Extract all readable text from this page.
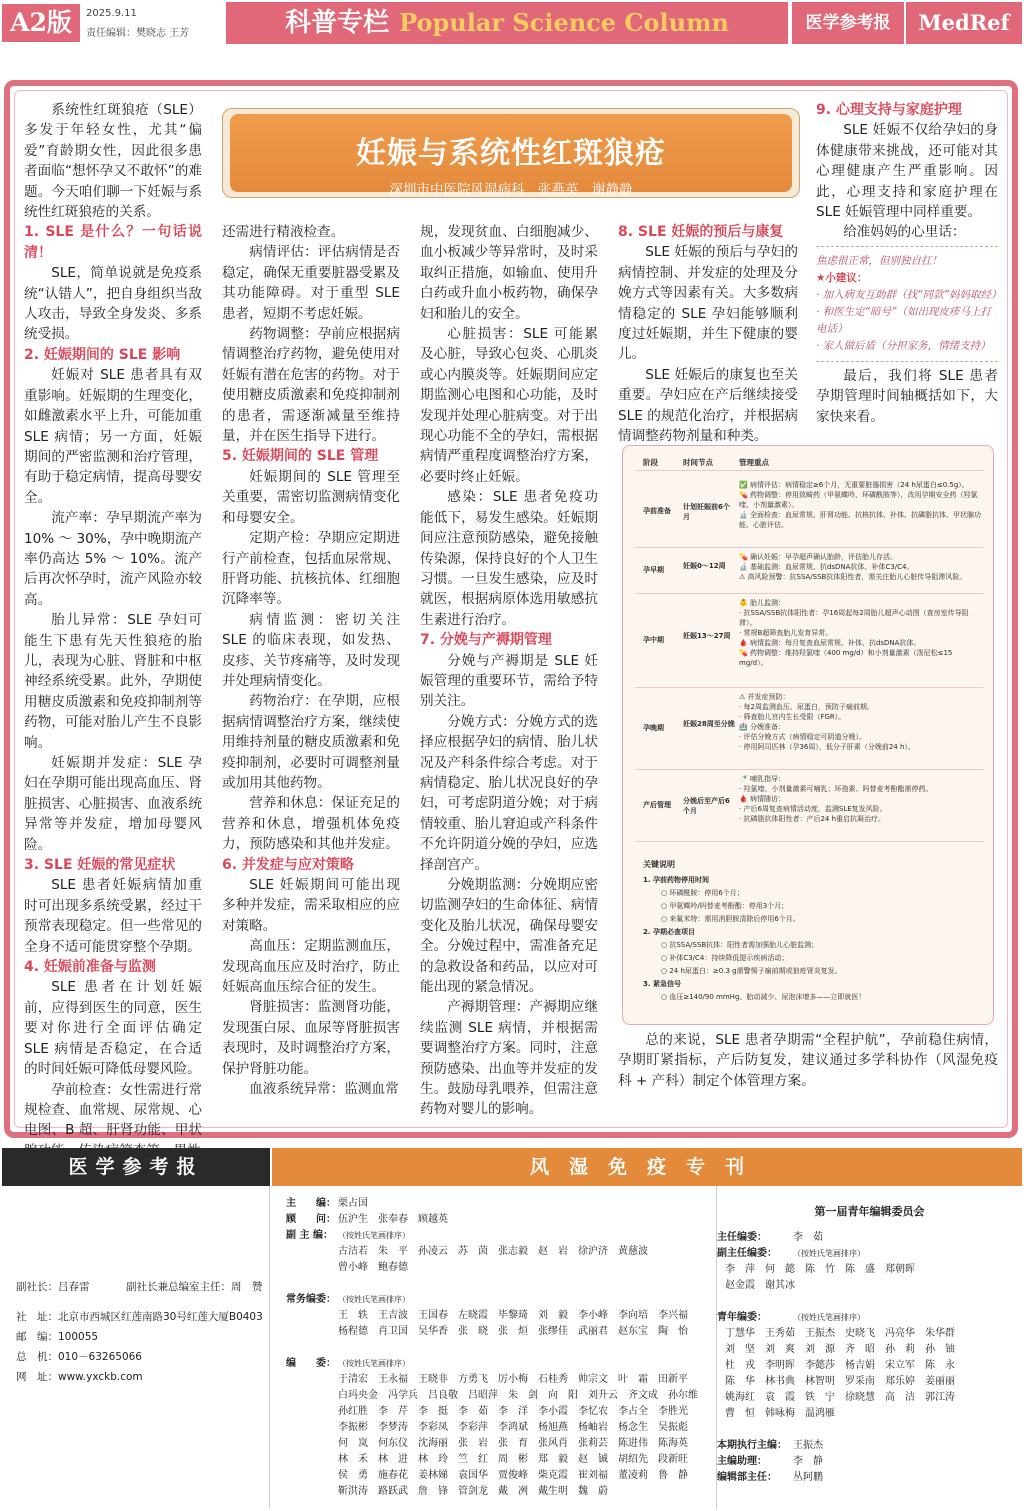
A2版	2025.9.11
责任编辑：樊晓志 王芳	科普专栏 Popular Science Column	医学参考报	MedRef
妊娠与系统性红斑狼疮
深圳市中医院风湿病科　张燕英　谢静静

系统性红斑狼疮（SLE）多发于年轻女性，尤其“偏爱”育龄期女性，因此很多患者面临“想怀孕又不敢怀”的难题。今天咱们聊一下妊娠与系统性红斑狼疮的关系。

1. SLE 是什么？一句话说清！

SLE，简单说就是免疫系统“认错人”，把自身组织当敌人攻击，导致全身发炎、多系统受损。

2. 妊娠期间的 SLE 影响

妊娠对 SLE 患者具有双重影响。妊娠期的生理变化，如雌激素水平上升，可能加重 SLE 病情；另一方面，妊娠期间的严密监测和治疗管理，有助于稳定病情，提高母婴安全。

流产率：孕早期流产率为 10% ～ 30%，孕中晚期流产率仍高达 5% ～ 10%。流产后再次怀孕时，流产风险亦较高。

胎儿异常：SLE 孕妇可能生下患有先天性狼疮的胎儿，表现为心脏、肾脏和中枢神经系统受累。此外，孕期使用糖皮质激素和免疫抑制剂等药物，可能对胎儿产生不良影响。

妊娠期并发症：SLE 孕妇在孕期可能出现高血压、肾脏损害、心脏损害、血液系统异常等并发症，增加母婴风险。

3. SLE 妊娠的常见症状

SLE 患者妊娠病情加重时可出现多系统受累，经过干预常表现稳定。但一些常见的全身不适可能贯穿整个孕期。

4. 妊娠前准备与监测

SLE 患者在计划妊娠前，应得到医生的同意，医生要对你进行全面评估确定 SLE 病情是否稳定，在合适的时间妊娠可降低母婴风险。

孕前检查：女性需进行常规检查、血常规、尿常规、心电图、B 超、肝肾功能、甲状

还需进行精液检查。

病情评估：评估病情是否稳定，确保无重要脏器受累及其功能障碍。对于重型 SLE 患者，短期不考虑妊娠。

药物调整：孕前应根据病情调整治疗药物，避免使用对妊娠有潜在危害的药物。对于使用糖皮质激素和免疫抑制剂的患者，需逐渐减量至维持量，并在医生指导下进行。

5. 妊娠期间的 SLE 管理

妊娠期间的 SLE 管理至关重要，需密切监测病情变化和母婴安全。

定期产检：孕期应定期进行产前检查，包括血尿常规、肝肾功能、抗核抗体、红细胞沉降率等。

病情监测：密切关注 SLE 的临床表现，如发热、皮疹、关节疼痛等，及时发现并处理病情变化。

药物治疗：在孕期，应根据病情调整治疗方案，继续使用维持剂量的糖皮质激素和免疫抑制剂，必要时可调整剂量或加用其他药物。

营养和休息：保证充足的营养和休息，增强机体免疫力，预防感染和其他并发症。

6. 并发症与应对策略

SLE 妊娠期间可能出现多种并发症，需采取相应的应对策略。

高血压：定期监测血压，发现高血压应及时治疗，防止妊娠高血压综合征的发生。

肾脏损害：监测肾功能，发现蛋白尿、血尿等肾脏损害表现时，及时调整治疗方案，保护肾脏功能。

血液系统异常：监测血常

规，发现贫血、白细胞减少、血小板减少等异常时，及时采取纠正措施，如输血、使用升白药或升血小板药物，确保孕妇和胎儿的安全。

心脏损害：SLE 可能累及心脏，导致心包炎、心肌炎或心内膜炎等。妊娠期间应定期监测心电图和心功能，及时发现并处理心脏病变。对于出现心功能不全的孕妇，需根据病情严重程度调整治疗方案，必要时终止妊娠。

感染：SLE 患者免疫功能低下，易发生感染。妊娠期间应注意预防感染，避免接触传染源，保持良好的个人卫生习惯。一旦发生感染，应及时就医，根据病原体选用敏感抗生素进行治疗。

7. 分娩与产褥期管理

分娩与产褥期是 SLE 妊娠管理的重要环节，需给予特别关注。

分娩方式：分娩方式的选择应根据孕妇的病情、胎儿状况及产科条件综合考虑。对于病情稳定、胎儿状况良好的孕妇，可考虑阴道分娩；对于病情较重、胎儿窘迫或产科条件不允许阴道分娩的孕妇，应选择剖宫产。

分娩期监测：分娩期应密切监测孕妇的生命体征、病情变化及胎儿状况，确保母婴安全。分娩过程中，需准备充足的急救设备和药品，以应对可能出现的紧急情况。

产褥期管理：产褥期应继续监测 SLE 病情，并根据需要调整治疗方案。同时，注意预防感染、出血等并发症的发生。鼓励母乳喂养，但需注意药物对婴儿的影响。

8. SLE 妊娠的预后与康复

SLE 妊娠的预后与孕妇的病情控制、并发症的处理及分娩方式等因素有关。大多数病情稳定的 SLE 孕妇能够顺利度过妊娠期，并生下健康的婴儿。

SLE 妊娠后的康复也至关重要。孕妇应在产后继续接受 SLE 的规范化治疗，并根据病情调整药物剂量和种类。

9. 心理支持与家庭护理

SLE 妊娠不仅给孕妇的身体健康带来挑战，还可能对其心理健康产生严重影响。因此，心理支持和家庭护理在 SLE 妊娠管理中同样重要。

给准妈妈的心里话：

焦虑很正常，但别独自扛！
★小建议：
· 加入病友互助群（找“同款”妈妈取经）
· 和医生定“暗号”（如出现皮疹马上打电话）
· 家人做后盾（分担家务，情绪支持）

最后，我们将 SLE 患者孕期管理时间轴概括如下，大家快来看。

阶段	时间节点	管理重点
孕前准备 计划妊娠前6个月
✅ 病情评估：病情稳定≥6个月，无重要脏器损害（24 h尿蛋白≤0.5g）。
💊 药物调整：停用致畸药（甲氨蝶呤、环磷酰胺等），改用孕期安全药（羟氯喹、小剂量激素）。
🔬 全面检查：血尿常规、肝肾功能、抗核抗体、补体、抗磷脂抗体、甲状腺功能、心脏评估。
孕早期	妊娠0～12周
💊 确认妊娠：早孕超声确认胎龄，评估胎儿存活。
🔬 基础监测：血尿常规、抗dsDNA抗体、补体C3/C4。
⚠ 高风险预警：抗SSA/SSB抗体阳性者，需关注胎儿心脏传导阻滞风险。
孕中期	妊娠13～27周
👶 胎儿监测：
· 抗SSA/SSB抗体阳性者：孕16周起每2周胎儿超声心动图（查房室传导阻滞）。
· 常规B超筛查胎儿发育异常。
🩸 病情监测：每月复查血尿常规、补体、抗dsDNA抗体。
💊 药物调整：维持羟氯喹（400 mg/d）和小剂量激素（泼尼松≤15 mg/d）。
孕晚期	妊娠28周至分娩
⚠ 并发症预防：
· 每2周监测血压、尿蛋白，预防子痫前期。
· 筛查胎儿宫内生长受限（FGR）。
🏥 分娩准备：
· 评估分娩方式（病情稳定可阴道分娩）。
· 停用阿司匹林（孕36周），低分子肝素（分娩前24 h）。
产后管理 分娩后至产后6个月
🍼 哺乳指导：
· 羟氯喹、小剂量激素可哺乳；环孢素、吗替麦考酚酯需停药。
🩸 病情随访：
· 产后6周复查病情活动度，监测SLE复发风险。
· 抗磷脂抗体阳性者：产后24 h重启抗凝治疗。
关键说明
1. 孕前药物停用时间
○ 环磷酰胺：停用6个月；
○ 甲氨蝶呤/吗替麦考酚酯：停用3个月；
○ 来氟米特：需用消胆胺清除后停用6个月。
2. 孕期必查项目
○ 抗SSA/SSB抗体：阳性者需加强胎儿心脏监测；
○ 补体C3/C4：持续降低提示疾病活动；
○ 24 h尿蛋白：≥0.3 g需警惕子痫前期或狼疮肾炎复发。
3. 紧急信号
○ 血压≥140/90 mmHg、胎动减少、尿泡沫增多——立即就医！

总的来说，SLE 患者孕期需“全程护航”，孕前稳住病情，孕期盯紧指标，产后防复发，建议通过多学科协作（风湿免疫科 + 产科）制定个体管理方案。

医学参考报	风湿免疫专刊
副社长：吕春雷	副社长兼总编室主任：周　赞
社　址：北京市西城区红莲南路30号红莲大厦B0403
邮　编：100055
总　机：010－63265066
网　址：www.yxckb.com
主　　编： 栗占国
顾　　问： 伍沪生　张奉春　顾越英
副 主 编： （按姓氏笔画排序）
古洁若　朱　平　孙凌云　苏　茵　张志毅　赵　岩　徐沪济　黄慈波
曾小峰　鲍春德
常务编委： （按姓氏笔画排序）
王　轶　王吉波　王国春　左晓霞　毕黎琦　刘　毅　李小峰　李向培　李兴福
杨程德　肖卫国　吴华香　张　晓　张　烜　张缪佳　武丽君　赵东宝　陶　怡
编　　委： （按姓氏笔画排序）
于清宏　王永福　王晓非　方勇飞　厉小梅　石桂秀　帅宗文　叶　霜　田新平
白玛央金　冯学兵　吕良敬　吕昭萍　朱　剑　向　阳　刘升云　齐文成　孙尔维
孙红胜　李　芹　李　挺　李　茹　李　洋　李小霞　李忆农　李占全　李胜光
李振彬　李梦涛　李彩凤　李彩萍　李鸿斌　杨旭燕　杨岫岩　杨念生　吴振彪
何　岚　何东仪　沈海丽　张　岩　张　育　张风肖　张莉芸　陈进伟　陈海英
林　禾　林　进　林　玲　竺　红　周　彬　郑　毅　赵　铖　胡绍先　段新旺
侯　勇　施春花　姜林娣　袁国华　贾俊峰　柴克霞　崔刘福　董凌莉　鲁　静
靳洪涛　路跃武　詹　锋　管剑龙　戴　冽　戴生明　魏　蔚
第一届青年编辑委员会
主任编委：	李　茹
副主任编委： （按姓氏笔画排序）
李　萍　何　懿　陈　竹　陈　盛　郑朝晖
赵金霞　谢其冰
青年编委：	（按姓氏笔画排序）
丁慧华　王秀茹　王振杰　史晓飞　冯亮华　朱华群
刘　坚　刘　爽　刘　源　齐　昭　孙　莉　孙　铀
杜　戎　李明晖　李懿莎　杨吉娟　宋立军　陈　永
陈　华　林书典　林智明　罗采南　郑乐婷　姜丽丽
姚海红　袁　霞　铁　宁　徐晓慧　高　洁　郭江涛
曹　恒　韩咏梅　温鸿雁
本期执行主编： 王振杰
主编助理：	李　静
编辑部主任： 丛阿鹏
